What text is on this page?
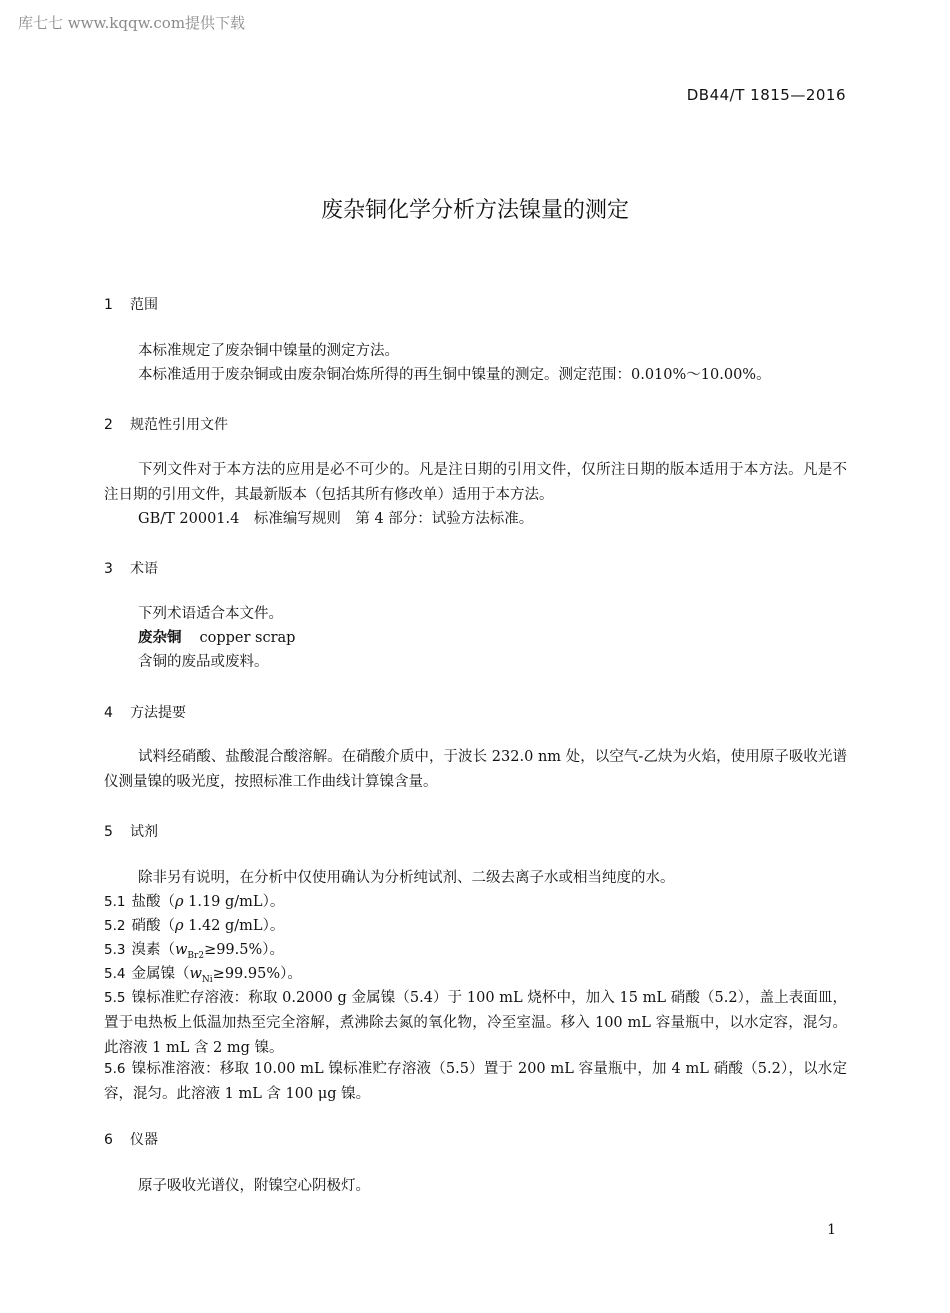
库七七 www.kqqw.com提供下载
DB44/T 1815—2016
废杂铜化学分析方法镍量的测定
1 范围
本标准规定了废杂铜中镍量的测定方法。
本标准适用于废杂铜或由废杂铜冶炼所得的再生铜中镍量的测定。测定范围：0.010%～10.00%。
2 规范性引用文件
下列文件对于本方法的应用是必不可少的。凡是注日期的引用文件，仅所注日期的版本适用于本方法。凡是不注日期的引用文件，其最新版本（包括其所有修改单）适用于本方法。
GB/T 20001.4　标准编写规则　第 4 部分：试验方法标准。
3 术语
下列术语适合本文件。
废杂铜 copper scrap
含铜的废品或废料。
4 方法提要
试料经硝酸、盐酸混合酸溶解。在硝酸介质中，于波长 232.0 nm 处，以空气-乙炔为火焰，使用原子吸收光谱仪测量镍的吸光度，按照标准工作曲线计算镍含量。
5 试剂
除非另有说明，在分析中仅使用确认为分析纯试剂、二级去离子水或相当纯度的水。
5.1 盐酸（ρ 1.19 g/mL）。
5.2 硝酸（ρ 1.42 g/mL）。
5.3 溴素$(w_{Br2}\ge 99.5\%)$。
5.4 金属镍$(w_{Ni}\ge 99.95\%)$。
5.5 镍标准贮存溶液：称取 0.2000 g 金属镍（5.4）于 100 mL 烧杯中，加入 15 mL 硝酸（5.2），盖上表面皿，置于电热板上低温加热至完全溶解，煮沸除去氮的氧化物，冷至室温。移入 100 mL 容量瓶中，以水定容，混匀。此溶液 1 mL 含 2 mg 镍。
5.6 镍标准溶液：移取 10.00 mL 镍标准贮存溶液（5.5）置于 200 mL 容量瓶中，加 4 mL 硝酸（5.2），以水定容，混匀。此溶液 1 mL 含 100 μg 镍。
6 仪器
原子吸收光谱仪，附镍空心阴极灯。
1
